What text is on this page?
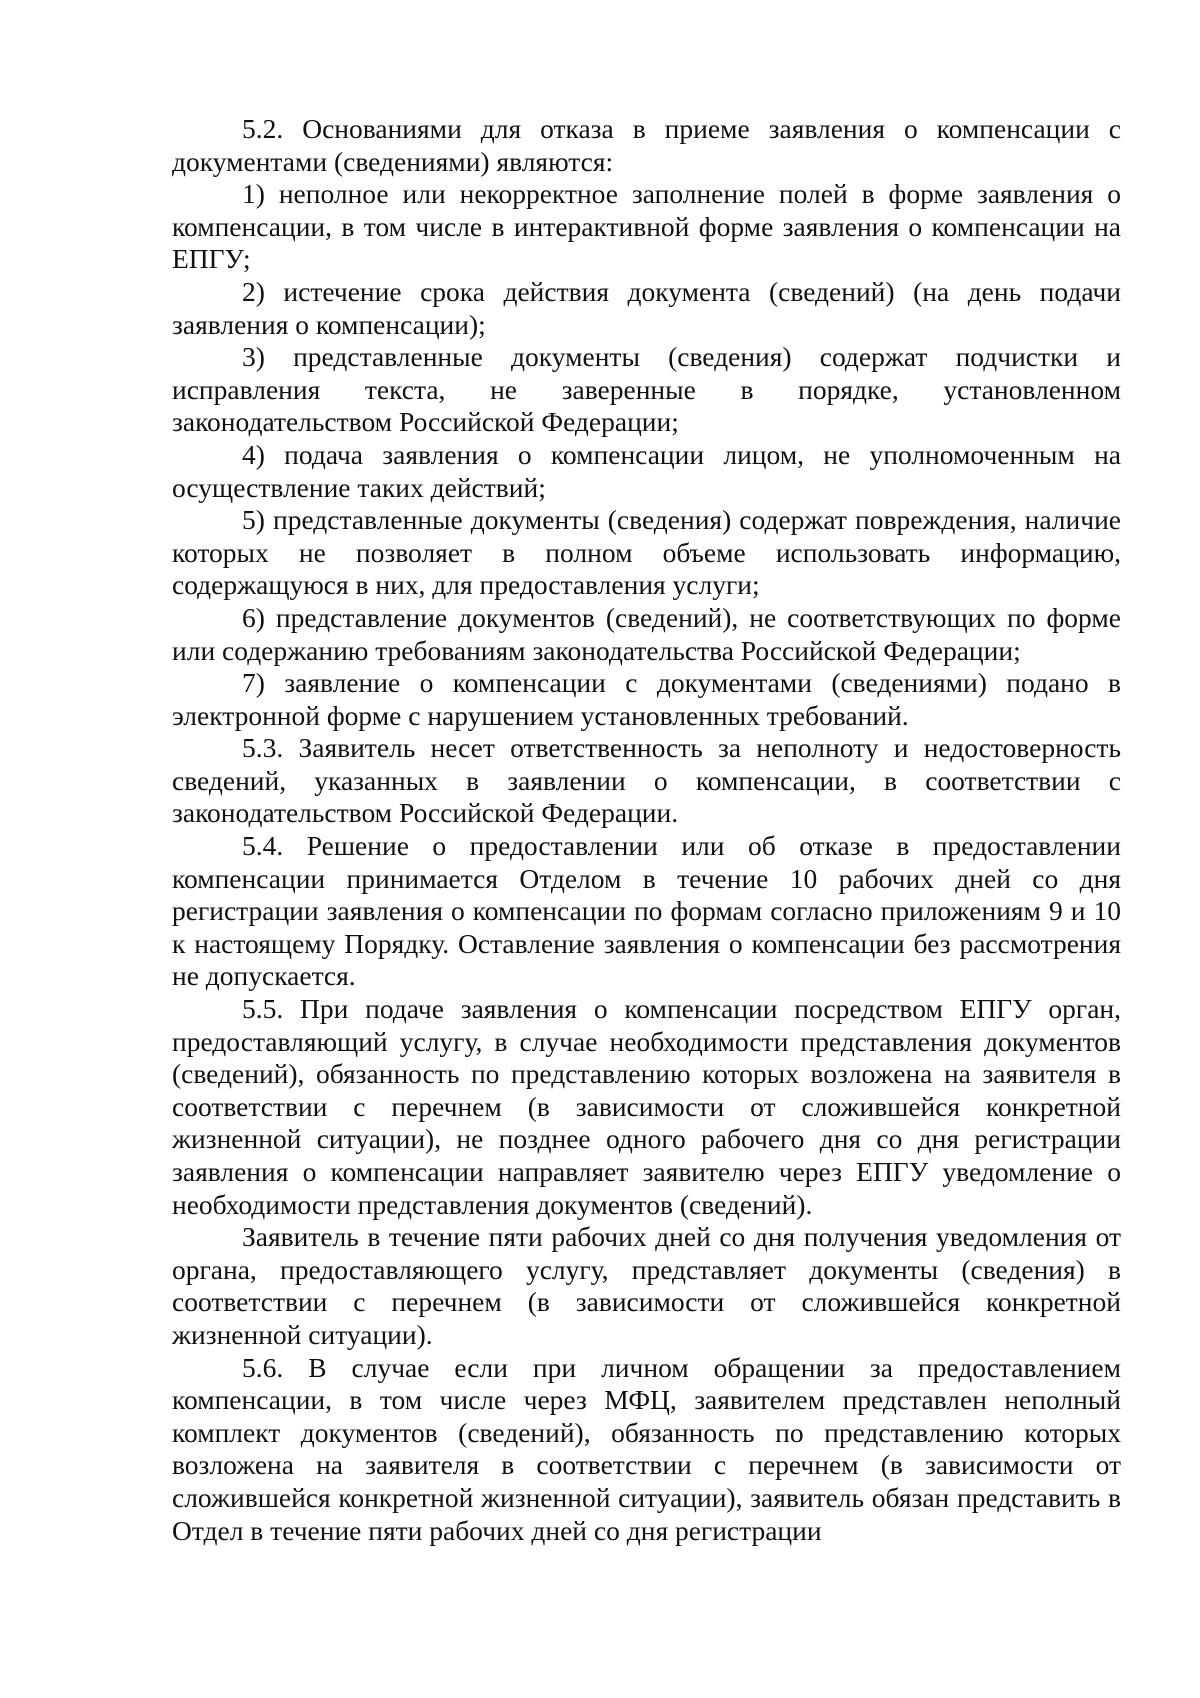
5.2. Основаниями для отказа в приеме заявления о компенсации с документами (сведениями) являются:

1) неполное или некорректное заполнение полей в форме заявления о компенсации, в том числе в интерактивной форме заявления о компенсации на ЕПГУ;

2) истечение срока действия документа (сведений) (на день подачи заявления о компенсации);

3) представленные документы (сведения) содержат подчистки и исправления текста, не заверенные в порядке, установленном законодательством Российской Федерации;

4) подача заявления о компенсации лицом, не уполномоченным на осуществление таких действий;

5) представленные документы (сведения) содержат повреждения, наличие которых не позволяет в полном объеме использовать информацию, содержащуюся в них, для предоставления услуги;

6) представление документов (сведений), не соответствующих по форме или содержанию требованиям законодательства Российской Федерации;

7) заявление о компенсации с документами (сведениями) подано в электронной форме с нарушением установленных требований.

5.3. Заявитель несет ответственность за неполноту и недостоверность сведений, указанных в заявлении о компенсации, в соответствии с законодательством Российской Федерации.

5.4. Решение о предоставлении или об отказе в предоставлении компенсации принимается Отделом в течение 10 рабочих дней со дня регистрации заявления о компенсации по формам согласно приложениям 9 и 10 к настоящему Порядку. Оставление заявления о компенсации без рассмотрения не допускается.

5.5. При подаче заявления о компенсации посредством ЕПГУ орган, предоставляющий услугу, в случае необходимости представления документов (сведений), обязанность по представлению которых возложена на заявителя в соответствии с перечнем (в зависимости от сложившейся конкретной жизненной ситуации), не позднее одного рабочего дня со дня регистрации заявления о компенсации направляет заявителю через ЕПГУ уведомление о необходимости представления документов (сведений).

Заявитель в течение пяти рабочих дней со дня получения уведомления от органа, предоставляющего услугу, представляет документы (сведения) в соответствии с перечнем (в зависимости от сложившейся конкретной жизненной ситуации).

5.6. В случае если при личном обращении за предоставлением компенсации, в том числе через МФЦ, заявителем представлен неполный комплект документов (сведений), обязанность по представлению которых возложена на заявителя в соответствии с перечнем (в зависимости от сложившейся конкретной жизненной ситуации), заявитель обязан представить в Отдел в течение пяти рабочих дней со дня регистрации
